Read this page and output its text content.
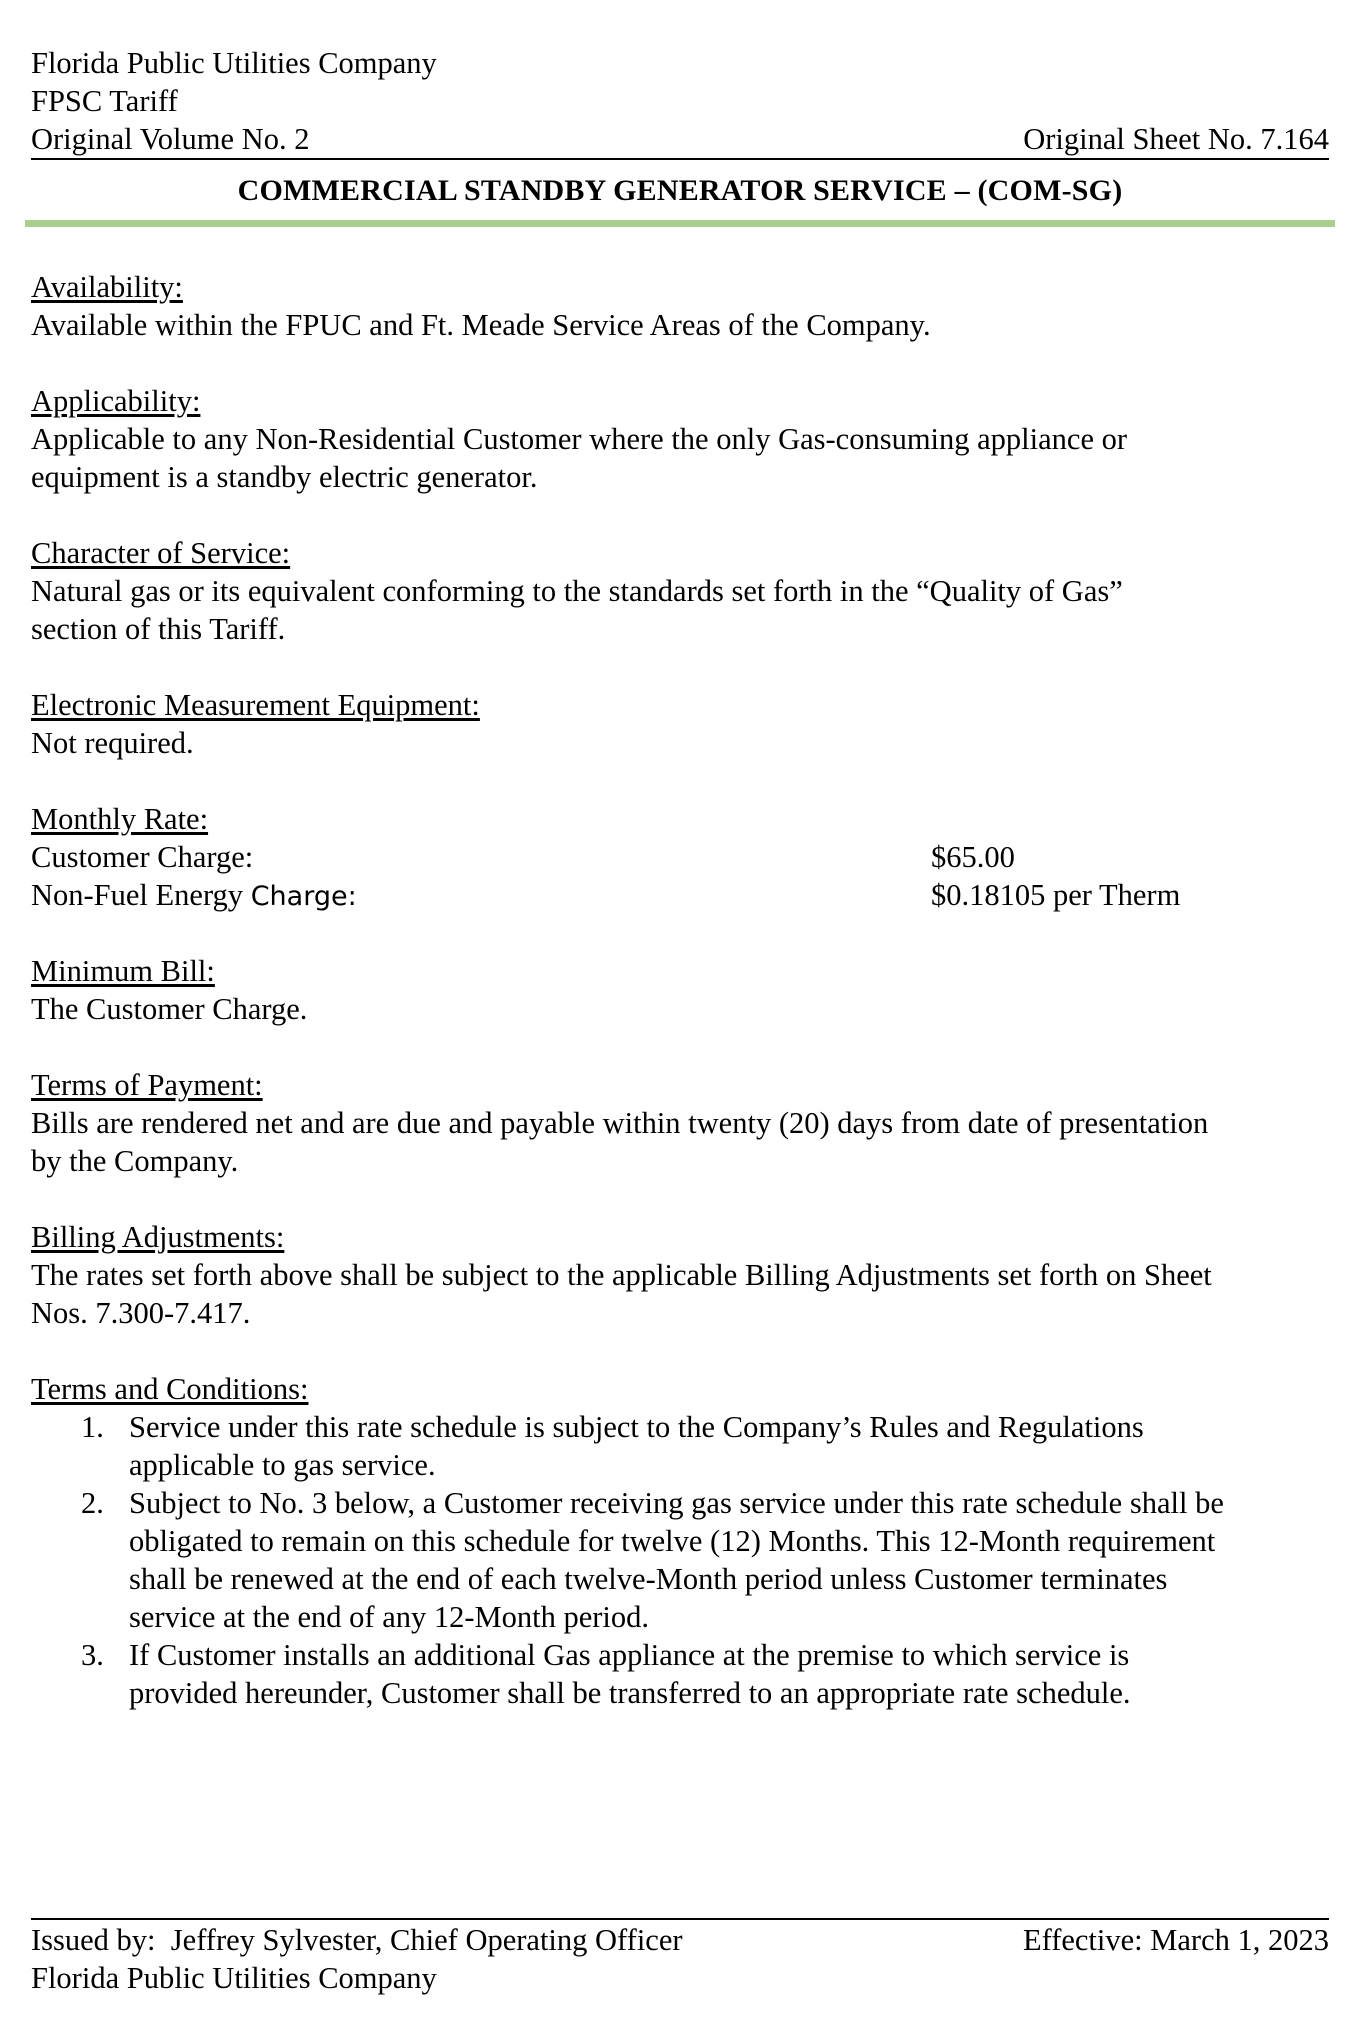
Florida Public Utilities Company
FPSC Tariff
Original Volume No. 2	Original Sheet No. 7.164
COMMERCIAL STANDBY GENERATOR SERVICE – (COM-SG)
Availability:
Available within the FPUC and Ft. Meade Service Areas of the Company.
Applicability:
Applicable to any Non-Residential Customer where the only Gas-consuming appliance or
equipment is a standby electric generator.
Character of Service:
Natural gas or its equivalent conforming to the standards set forth in the “Quality of Gas”
section of this Tariff.
Electronic Measurement Equipment:
Not required.
Monthly Rate:
Customer Charge:	$65.00
Non-Fuel Energy Charge:	$0.18105 per Therm
Minimum Bill:
The Customer Charge.
Terms of Payment:
Bills are rendered net and are due and payable within twenty (20) days from date of presentation
by the Company.
Billing Adjustments:
The rates set forth above shall be subject to the applicable Billing Adjustments set forth on Sheet
Nos. 7.300-7.417.
Terms and Conditions:
1. Service under this rate schedule is subject to the Company’s Rules and Regulations
applicable to gas service.
2. Subject to No. 3 below, a Customer receiving gas service under this rate schedule shall be
obligated to remain on this schedule for twelve (12) Months. This 12-Month requirement
shall be renewed at the end of each twelve-Month period unless Customer terminates
service at the end of any 12-Month period.
3. If Customer installs an additional Gas appliance at the premise to which service is
provided hereunder, Customer shall be transferred to an appropriate rate schedule.
Issued by:  Jeffrey Sylvester, Chief Operating Officer
Florida Public Utilities Company
Effective: March 1, 2023
